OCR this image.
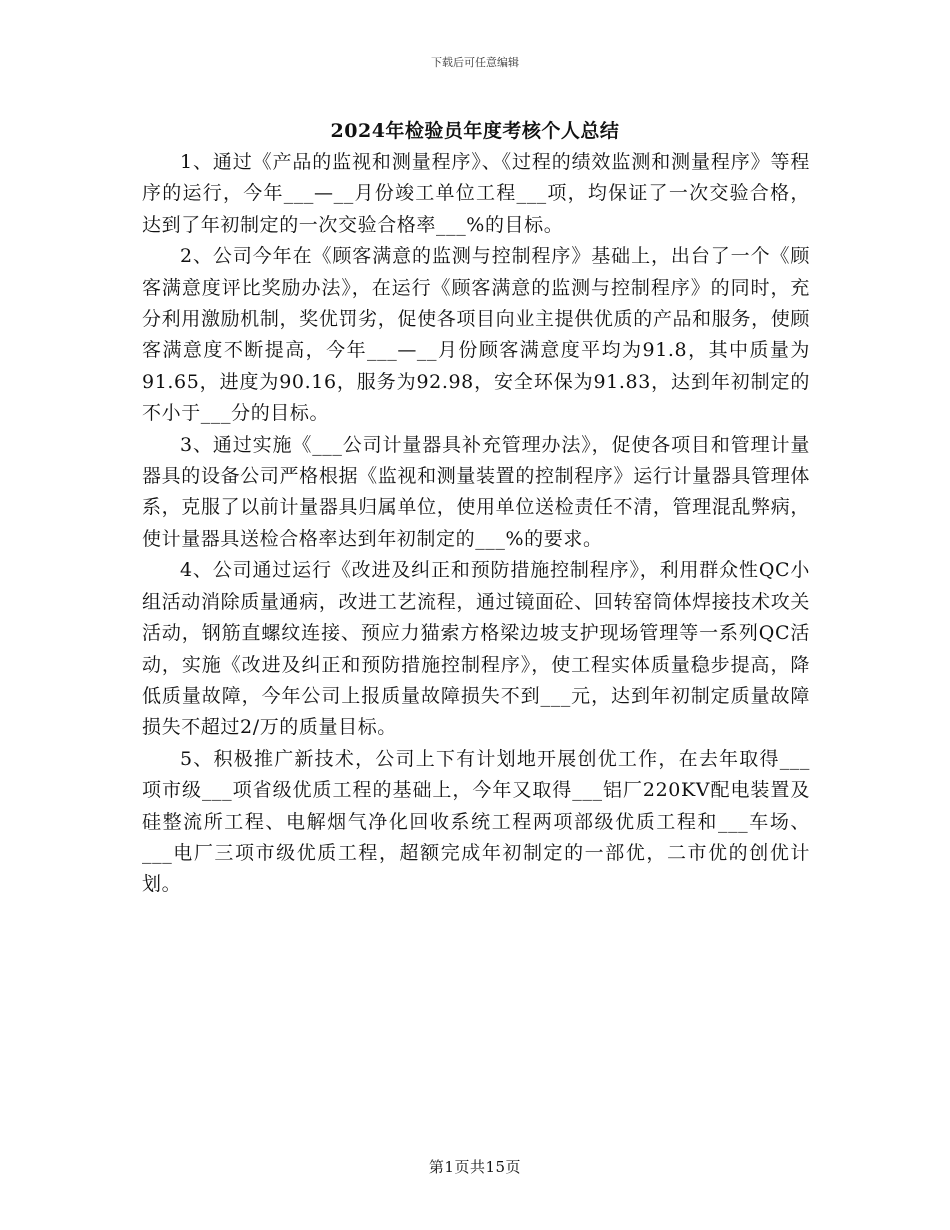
下载后可任意编辑
2024年检验员年度考核个人总结

1、通过《产品的监视和测量程序》、《过程的绩效监测和测量程序》等程序的运行，今年___—__月份竣工单位工程___项，均保证了一次交验合格，达到了年初制定的一次交验合格率___%的目标。

2、公司今年在《顾客满意的监测与控制程序》基础上，出台了一个《顾客满意度评比奖励办法》，在运行《顾客满意的监测与控制程序》的同时，充分利用激励机制，奖优罚劣，促使各项目向业主提供优质的产品和服务，使顾客满意度不断提高，今年___—__月份顾客满意度平均为91.8，其中质量为91.65，进度为90.16，服务为92.98，安全环保为91.83，达到年初制定的不小于___分的目标。

3、通过实施《___公司计量器具补充管理办法》，促使各项目和管理计量器具的设备公司严格根据《监视和测量装置的控制程序》运行计量器具管理体系，克服了以前计量器具归属单位，使用单位送检责任不清，管理混乱弊病，使计量器具送检合格率达到年初制定的___%的要求。

4、公司通过运行《改进及纠正和预防措施控制程序》，利用群众性QC小组活动消除质量通病，改进工艺流程，通过镜面砼、回转窑筒体焊接技术攻关活动，钢筋直螺纹连接、预应力猫索方格梁边坡支护现场管理等一系列QC活动，实施《改进及纠正和预防措施控制程序》，使工程实体质量稳步提高，降低质量故障，今年公司上报质量故障损失不到___元，达到年初制定质量故障损失不超过2/万的质量目标。

5、积极推广新技术，公司上下有计划地开展创优工作，在去年取得___项市级___项省级优质工程的基础上，今年又取得___铝厂220KV配电装置及硅整流所工程、电解烟气净化回收系统工程两项部级优质工程和___车场、___电厂三项市级优质工程，超额完成年初制定的一部优，二市优的创优计划。

第1页共15页
